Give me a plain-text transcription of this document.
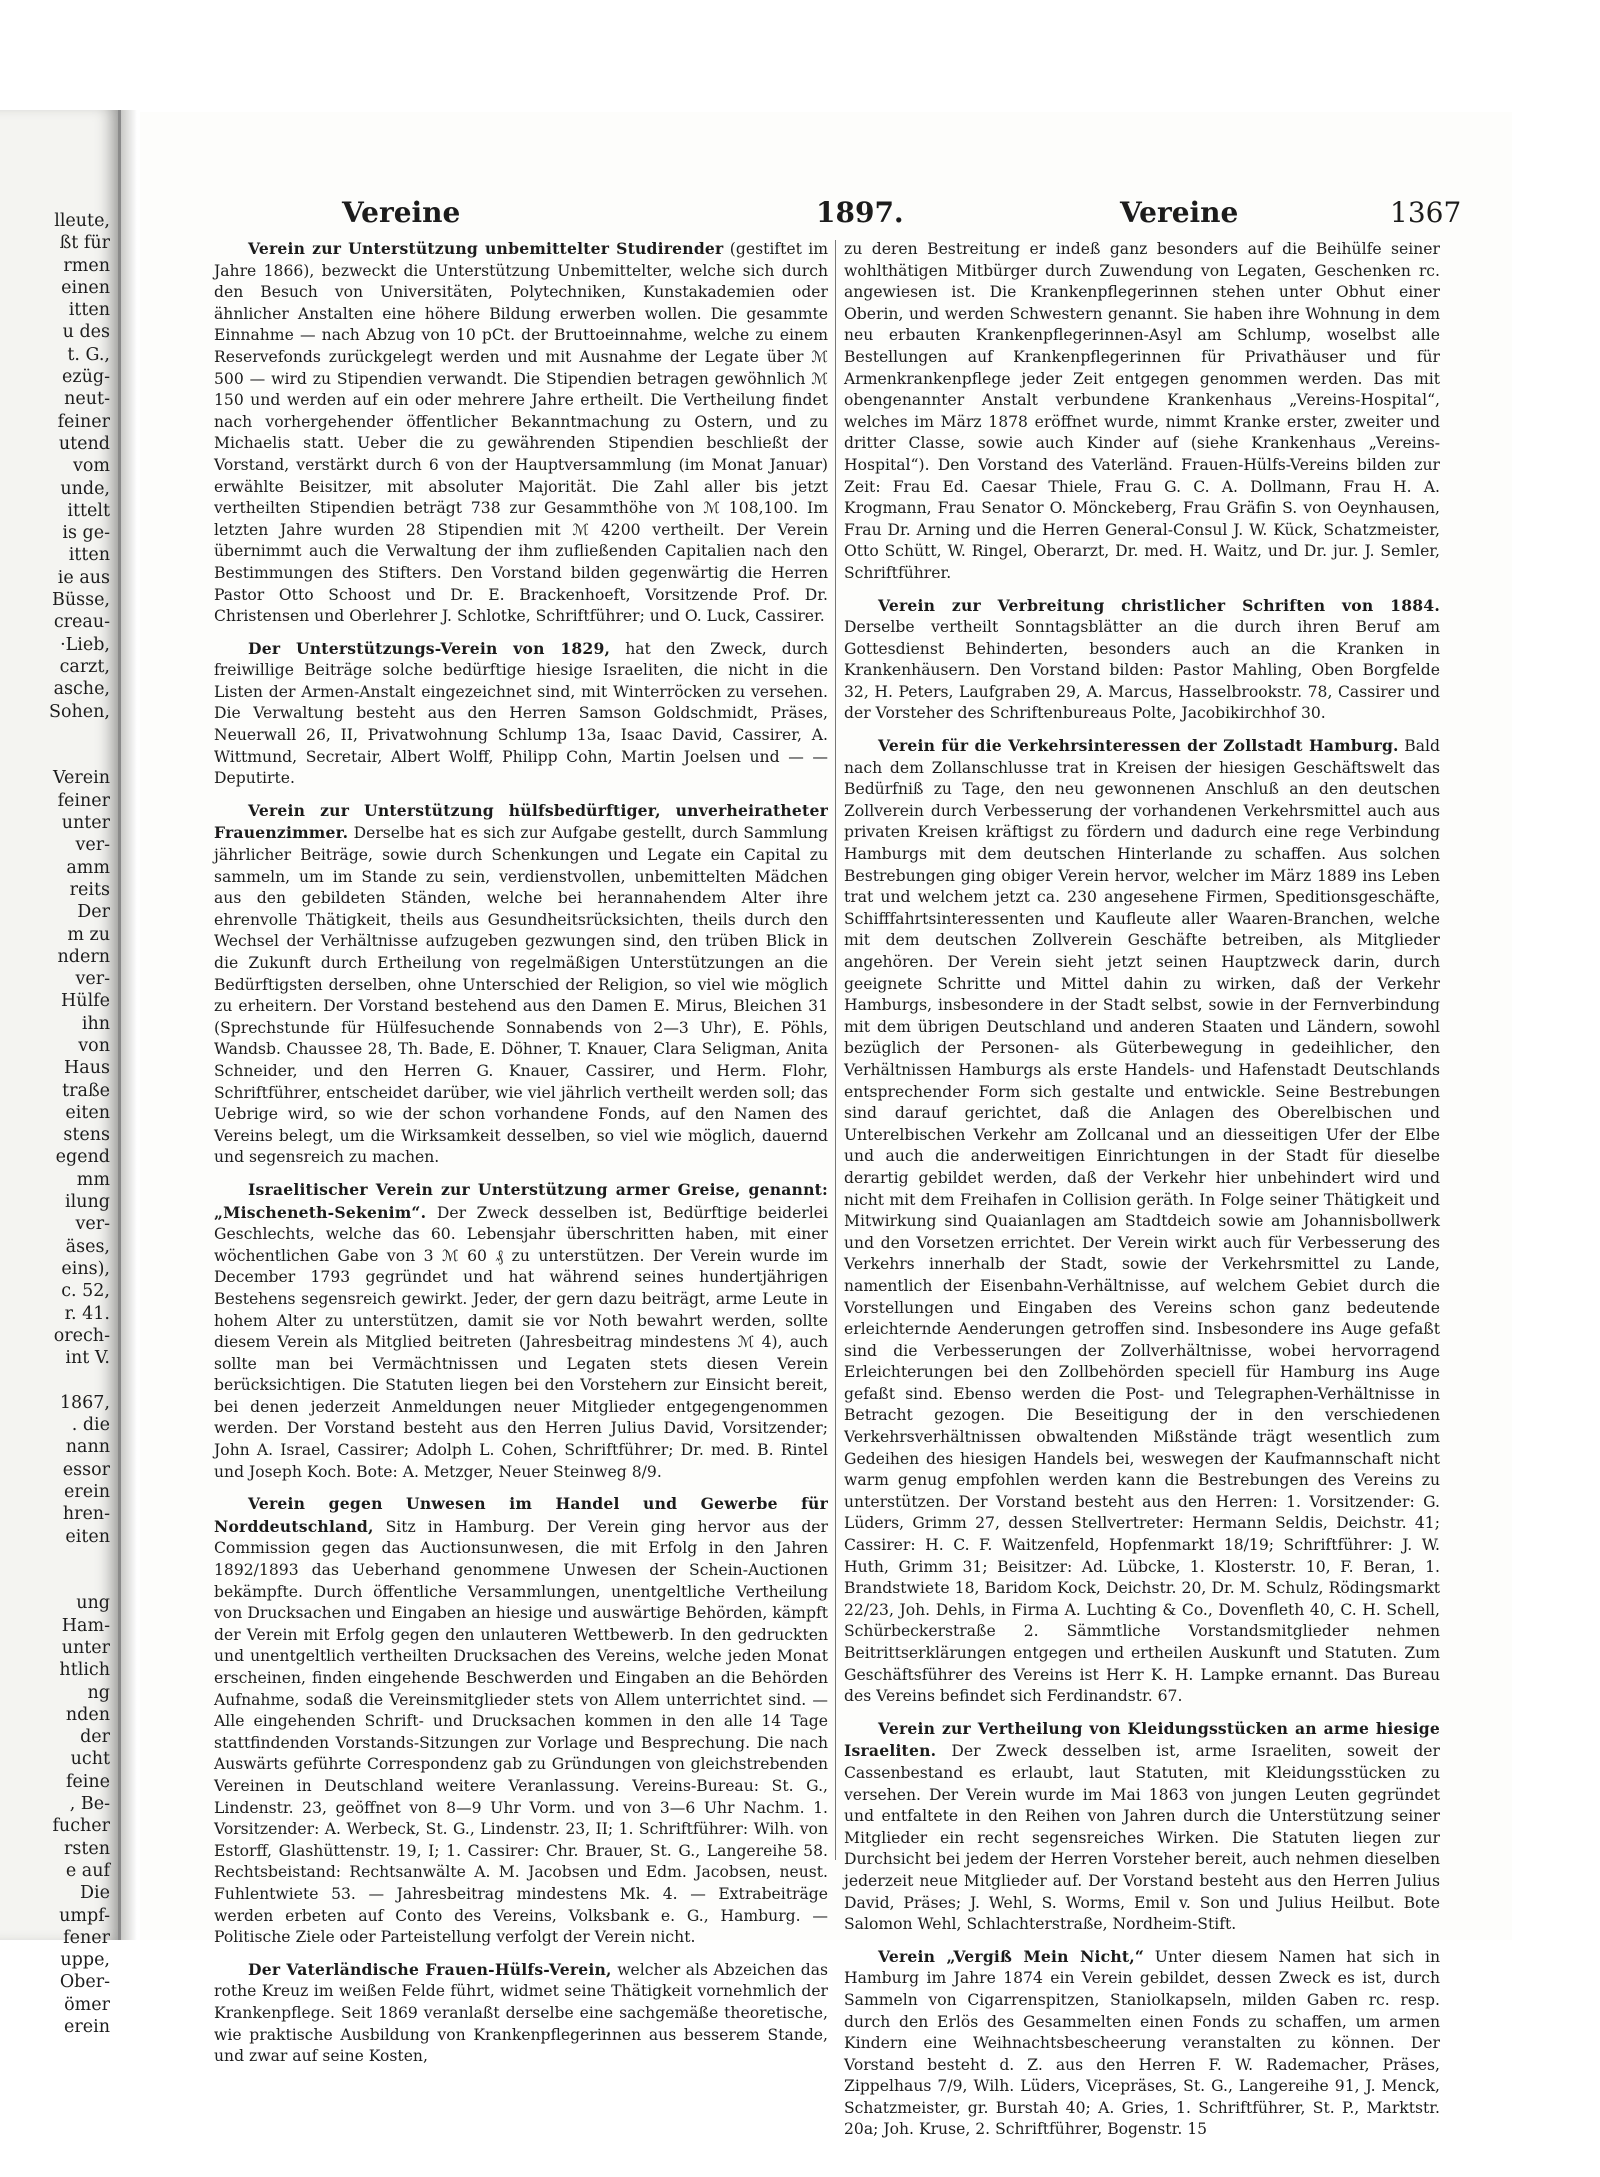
lleute,
ßt für
rmen
einen
itten
u des
t. G.,
ezüg-
neut-
feiner
utend
vom
unde,
ittelt
is ge-
itten
ie aus
Büsse,
creau-
·Lieb,
carzt,
asche,
Sohen,

Verein
feiner
unter
ver-
amm
reits
Der
m zu
ndern
ver-
Hülfe
ihn
von
Haus
traße
eiten
stens
egend
mm
ilung
ver-
äses,
eins),
c. 52,
r. 41.
orech-
int V.

1867,
. die
nann
essor
erein
hren-
eiten

ung
Ham-
unter
htlich
ng
nden
der
ucht
feine
, Be-
fucher
rsten
e auf
Die
umpf-
fener
uppe,
Ober-
ömer
erein
Vereine	1897.	Vereine	1367

Verein zur Unterstützung unbemittelter Studirender (gestiftet im Jahre 1866), bezweckt die Unterstützung Unbemittelter, welche sich durch den Besuch von Universitäten, Polytechniken, Kunstakademien oder ähnlicher Anstalten eine höhere Bildung erwerben wollen. Die gesammte Einnahme — nach Abzug von 10 pCt. der Bruttoeinnahme, welche zu einem Reservefonds zurückgelegt werden und mit Ausnahme der Legate über ℳ 500 — wird zu Stipendien verwandt. Die Stipendien betragen gewöhnlich ℳ 150 und werden auf ein oder mehrere Jahre ertheilt. Die Vertheilung findet nach vorhergehender öffentlicher Bekanntmachung zu Ostern, und zu Michaelis statt. Ueber die zu gewährenden Stipendien beschließt der Vorstand, verstärkt durch 6 von der Hauptversammlung (im Monat Januar) erwählte Beisitzer, mit absoluter Majorität. Die Zahl aller bis jetzt vertheilten Stipendien beträgt 738 zur Gesammthöhe von ℳ 108,100. Im letzten Jahre wurden 28 Stipendien mit ℳ 4200 vertheilt. Der Verein übernimmt auch die Verwaltung der ihm zufließenden Capitalien nach den Bestimmungen des Stifters. Den Vorstand bilden gegenwärtig die Herren Pastor Otto Schoost und Dr. E. Brackenhoeft, Vorsitzende Prof. Dr. Christensen und Oberlehrer J. Schlotke, Schriftführer; und O. Luck, Cassirer.

Der Unterstützungs-Verein von 1829, hat den Zweck, durch freiwillige Beiträge solche bedürftige hiesige Israeliten, die nicht in die Listen der Armen-Anstalt eingezeichnet sind, mit Winterröcken zu versehen. Die Verwaltung besteht aus den Herren Samson Goldschmidt, Präses, Neuerwall 26, II, Privatwohnung Schlump 13a, Isaac David, Cassirer, A. Wittmund, Secretair, Albert Wolff, Philipp Cohn, Martin Joelsen und — — Deputirte.

Verein zur Unterstützung hülfsbedürftiger, unverheiratheter Frauenzimmer. Derselbe hat es sich zur Aufgabe gestellt, durch Sammlung jährlicher Beiträge, sowie durch Schenkungen und Legate ein Capital zu sammeln, um im Stande zu sein, verdienstvollen, unbemittelten Mädchen aus den gebildeten Ständen, welche bei herannahendem Alter ihre ehrenvolle Thätigkeit, theils aus Gesundheitsrücksichten, theils durch den Wechsel der Verhältnisse aufzugeben gezwungen sind, den trüben Blick in die Zukunft durch Ertheilung von regelmäßigen Unterstützungen an die Bedürftigsten derselben, ohne Unterschied der Religion, so viel wie möglich zu erheitern. Der Vorstand bestehend aus den Damen E. Mirus, Bleichen 31 (Sprechstunde für Hülfesuchende Sonnabends von 2—3 Uhr), E. Pöhls, Wandsb. Chaussee 28, Th. Bade, E. Döhner, T. Knauer, Clara Seligman, Anita Schneider, und den Herren G. Knauer, Cassirer, und Herm. Flohr, Schriftführer, entscheidet darüber, wie viel jährlich vertheilt werden soll; das Uebrige wird, so wie der schon vorhandene Fonds, auf den Namen des Vereins belegt, um die Wirksamkeit desselben, so viel wie möglich, dauernd und segensreich zu machen.

Israelitischer Verein zur Unterstützung armer Greise, genannt: „Mischeneth-Sekenim“. Der Zweck desselben ist, Bedürftige beiderlei Geschlechts, welche das 60. Lebensjahr überschritten haben, mit einer wöchentlichen Gabe von 3 ℳ 60 ₰ zu unterstützen. Der Verein wurde im December 1793 gegründet und hat während seines hundertjährigen Bestehens segensreich gewirkt. Jeder, der gern dazu beiträgt, arme Leute in hohem Alter zu unterstützen, damit sie vor Noth bewahrt werden, sollte diesem Verein als Mitglied beitreten (Jahresbeitrag mindestens ℳ 4), auch sollte man bei Vermächtnissen und Legaten stets diesen Verein berücksichtigen. Die Statuten liegen bei den Vorstehern zur Einsicht bereit, bei denen jederzeit Anmeldungen neuer Mitglieder entgegengenommen werden. Der Vorstand besteht aus den Herren Julius David, Vorsitzender; John A. Israel, Cassirer; Adolph L. Cohen, Schriftführer; Dr. med. B. Rintel und Joseph Koch. Bote: A. Metzger, Neuer Steinweg 8/9.

Verein gegen Unwesen im Handel und Gewerbe für Norddeutschland, Sitz in Hamburg. Der Verein ging hervor aus der Commission gegen das Auctionsunwesen, die mit Erfolg in den Jahren 1892/1893 das Ueberhand genommene Unwesen der Schein-Auctionen bekämpfte. Durch öffentliche Versammlungen, unentgeltliche Vertheilung von Drucksachen und Eingaben an hiesige und auswärtige Behörden, kämpft der Verein mit Erfolg gegen den unlauteren Wettbewerb. In den gedruckten und unentgeltlich vertheilten Drucksachen des Vereins, welche jeden Monat erscheinen, finden eingehende Beschwerden und Eingaben an die Behörden Aufnahme, sodaß die Vereinsmitglieder stets von Allem unterrichtet sind. — Alle eingehenden Schrift- und Drucksachen kommen in den alle 14 Tage stattfindenden Vorstands-Sitzungen zur Vorlage und Besprechung. Die nach Auswärts geführte Correspondenz gab zu Gründungen von gleichstrebenden Vereinen in Deutschland weitere Veranlassung. Vereins-Bureau: St. G., Lindenstr. 23, geöffnet von 8—9 Uhr Vorm. und von 3—6 Uhr Nachm. 1. Vorsitzender: A. Werbeck, St. G., Lindenstr. 23, II; 1. Schriftführer: Wilh. von Estorff, Glashüttenstr. 19, I; 1. Cassirer: Chr. Brauer, St. G., Langereihe 58. Rechtsbeistand: Rechtsanwälte A. M. Jacobsen und Edm. Jacobsen, neust. Fuhlentwiete 53. — Jahresbeitrag mindestens Mk. 4. — Extrabeiträge werden erbeten auf Conto des Vereins, Volksbank e. G., Hamburg. — Politische Ziele oder Parteistellung verfolgt der Verein nicht.

Der Vaterländische Frauen-Hülfs-Verein, welcher als Abzeichen das rothe Kreuz im weißen Felde führt, widmet seine Thätigkeit vornehmlich der Krankenpflege. Seit 1869 veranlaßt derselbe eine sachgemäße theoretische, wie praktische Ausbildung von Krankenpflegerinnen aus besserem Stande, und zwar auf seine Kosten,

zu deren Bestreitung er indeß ganz besonders auf die Beihülfe seiner wohlthätigen Mitbürger durch Zuwendung von Legaten, Geschenken rc. angewiesen ist. Die Krankenpflegerinnen stehen unter Obhut einer Oberin, und werden Schwestern genannt. Sie haben ihre Wohnung in dem neu erbauten Krankenpflegerinnen-Asyl am Schlump, woselbst alle Bestellungen auf Krankenpflegerinnen für Privathäuser und für Armenkrankenpflege jeder Zeit entgegen genommen werden. Das mit obengenannter Anstalt verbundene Krankenhaus „Vereins-Hospital“, welches im März 1878 eröffnet wurde, nimmt Kranke erster, zweiter und dritter Classe, sowie auch Kinder auf (siehe Krankenhaus „Vereins-Hospital“). Den Vorstand des Vaterländ. Frauen-Hülfs-Vereins bilden zur Zeit: Frau Ed. Caesar Thiele, Frau G. C. A. Dollmann, Frau H. A. Krogmann, Frau Senator O. Mönckeberg, Frau Gräfin S. von Oeynhausen, Frau Dr. Arning und die Herren General-Consul J. W. Kück, Schatzmeister, Otto Schütt, W. Ringel, Oberarzt, Dr. med. H. Waitz, und Dr. jur. J. Semler, Schriftführer.

Verein zur Verbreitung christlicher Schriften von 1884. Derselbe vertheilt Sonntagsblätter an die durch ihren Beruf am Gottesdienst Behinderten, besonders auch an die Kranken in Krankenhäusern. Den Vorstand bilden: Pastor Mahling, Oben Borgfelde 32, H. Peters, Laufgraben 29, A. Marcus, Hasselbrookstr. 78, Cassirer und der Vorsteher des Schriftenbureaus Polte, Jacobikirchhof 30.

Verein für die Verkehrsinteressen der Zollstadt Hamburg. Bald nach dem Zollanschlusse trat in Kreisen der hiesigen Geschäftswelt das Bedürfniß zu Tage, den neu gewonnenen Anschluß an den deutschen Zollverein durch Verbesserung der vorhandenen Verkehrsmittel auch aus privaten Kreisen kräftigst zu fördern und dadurch eine rege Verbindung Hamburgs mit dem deutschen Hinterlande zu schaffen. Aus solchen Bestrebungen ging obiger Verein hervor, welcher im März 1889 ins Leben trat und welchem jetzt ca. 230 angesehene Firmen, Speditionsgeschäfte, Schifffahrtsinteressenten und Kaufleute aller Waaren-Branchen, welche mit dem deutschen Zollverein Geschäfte betreiben, als Mitglieder angehören. Der Verein sieht jetzt seinen Hauptzweck darin, durch geeignete Schritte und Mittel dahin zu wirken, daß der Verkehr Hamburgs, insbesondere in der Stadt selbst, sowie in der Fernverbindung mit dem übrigen Deutschland und anderen Staaten und Ländern, sowohl bezüglich der Personen- als Güterbewegung in gedeihlicher, den Verhältnissen Hamburgs als erste Handels- und Hafenstadt Deutschlands entsprechender Form sich gestalte und entwickle. Seine Bestrebungen sind darauf gerichtet, daß die Anlagen des Oberelbischen und Unterelbischen Verkehr am Zollcanal und an diesseitigen Ufer der Elbe und auch die anderweitigen Einrichtungen in der Stadt für dieselbe derartig gebildet werden, daß der Verkehr hier unbehindert wird und nicht mit dem Freihafen in Collision geräth. In Folge seiner Thätigkeit und Mitwirkung sind Quaianlagen am Stadtdeich sowie am Johannisbollwerk und den Vorsetzen errichtet. Der Verein wirkt auch für Verbesserung des Verkehrs innerhalb der Stadt, sowie der Verkehrsmittel zu Lande, namentlich der Eisenbahn-Verhältnisse, auf welchem Gebiet durch die Vorstellungen und Eingaben des Vereins schon ganz bedeutende erleichternde Aenderungen getroffen sind. Insbesondere ins Auge gefaßt sind die Verbesserungen der Zollverhältnisse, wobei hervorragend Erleichterungen bei den Zollbehörden speciell für Hamburg ins Auge gefaßt sind. Ebenso werden die Post- und Telegraphen-Verhältnisse in Betracht gezogen. Die Beseitigung der in den verschiedenen Verkehrsverhältnissen obwaltenden Mißstände trägt wesentlich zum Gedeihen des hiesigen Handels bei, weswegen der Kaufmannschaft nicht warm genug empfohlen werden kann die Bestrebungen des Vereins zu unterstützen. Der Vorstand besteht aus den Herren: 1. Vorsitzender: G. Lüders, Grimm 27, dessen Stellvertreter: Hermann Seldis, Deichstr. 41; Cassirer: H. C. F. Waitzenfeld, Hopfenmarkt 18/19; Schriftführer: J. W. Huth, Grimm 31; Beisitzer: Ad. Lübcke, 1. Klosterstr. 10, F. Beran, 1. Brandstwiete 18, Baridom Kock, Deichstr. 20, Dr. M. Schulz, Rödingsmarkt 22/23, Joh. Dehls, in Firma A. Luchting & Co., Dovenfleth 40, C. H. Schell, Schürbeckerstraße 2. Sämmtliche Vorstandsmitglieder nehmen Beitrittserklärungen entgegen und ertheilen Auskunft und Statuten. Zum Geschäftsführer des Vereins ist Herr K. H. Lampke ernannt. Das Bureau des Vereins befindet sich Ferdinandstr. 67.

Verein zur Vertheilung von Kleidungsstücken an arme hiesige Israeliten. Der Zweck desselben ist, arme Israeliten, soweit der Cassenbestand es erlaubt, laut Statuten, mit Kleidungsstücken zu versehen. Der Verein wurde im Mai 1863 von jungen Leuten gegründet und entfaltete in den Reihen von Jahren durch die Unterstützung seiner Mitglieder ein recht segensreiches Wirken. Die Statuten liegen zur Durchsicht bei jedem der Herren Vorsteher bereit, auch nehmen dieselben jederzeit neue Mitglieder auf. Der Vorstand besteht aus den Herren Julius David, Präses; J. Wehl, S. Worms, Emil v. Son und Julius Heilbut. Bote Salomon Wehl, Schlachterstraße, Nordheim-Stift.

Verein „Vergiß Mein Nicht,“ Unter diesem Namen hat sich in Hamburg im Jahre 1874 ein Verein gebildet, dessen Zweck es ist, durch Sammeln von Cigarrenspitzen, Staniolkapseln, milden Gaben rc. resp. durch den Erlös des Gesammelten einen Fonds zu schaffen, um armen Kindern eine Weihnachtsbescheerung veranstalten zu können. Der Vorstand besteht d. Z. aus den Herren F. W. Rademacher, Präses, Zippelhaus 7/9, Wilh. Lüders, Vicepräses, St. G., Langereihe 91, J. Menck, Schatzmeister, gr. Burstah 40; A. Gries, 1. Schriftführer, St. P., Marktstr. 20a; Joh. Kruse, 2. Schriftführer, Bogenstr. 15
